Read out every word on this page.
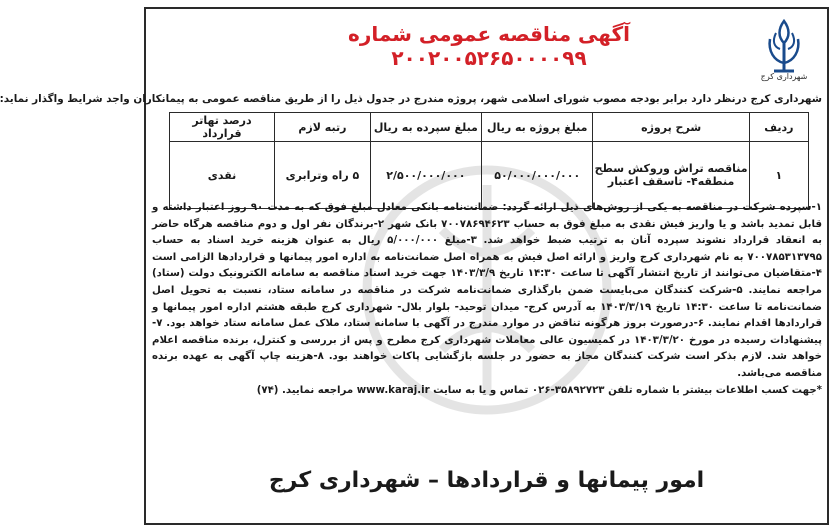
آگهی مناقصه عمومی شماره ۲۰۰۲۰۰۵۲۶۵۰۰۰۰۹۹
شهرداری کرج
شهرداری کرج درنظر دارد برابر بودجه مصوب شورای اسلامی شهر، پروژه مندرج در جدول ذیل را از طریق مناقصه عمومی به پیمانکاران واجد شرایط واگذار نماید:
ردیف	شرح پروژه	مبلغ پروژه به ریال	مبلغ سپرده به ریال	رتبه لازم	درصد تهاتر قرارداد
۱	مناقصه تراش وروکش سطح منطقه۴- تاسقف اعتبار	۵۰/۰۰۰/۰۰۰/۰۰۰	۲/۵۰۰/۰۰۰/۰۰۰	۵ راه وترابری	نقدی

۱-سپرده شرکت در مناقصه به یکی از روش‌های ذیل ارائه گردد: ضمانت‌نامه بانکی معادل مبلغ فوق که به مدت ۹۰ روز اعتبار داشته و قابل تمدید باشد و یا واریز فیش نقدی به مبلغ فوق به حساب ۷۰۰۷۸۶۹۴۶۲۳ بانک شهر ۲-برندگان نفر اول و دوم مناقصه هرگاه حاضر به انعقاد قرارداد نشوند سپرده آنان به ترتیب ضبط خواهد شد. ۳-مبلغ ۵/۰۰۰/۰۰۰ ریال به عنوان هزینه خرید اسناد به حساب ۷۰۰۷۸۵۳۱۳۷۹۵ به نام شهرداری کرج واریز و ارائه اصل فیش به همراه اصل ضمانت‌نامه به اداره امور پیمانها و قراردادها الزامی است ۴-متقاضیان می‌توانند از تاریخ انتشار آگهی تا ساعت ۱۴:۳۰ تاریخ ۱۴۰۳/۳/۹ جهت خرید اسناد مناقصه به سامانه الکترونیک دولت (ستاد) مراجعه نمایند. ۵-شرکت کنندگان می‌بایست ضمن بارگذاری ضمانت‌نامه شرکت در مناقصه در سامانه ستاد، نسبت به تحویل اصل ضمانت‌نامه تا ساعت ۱۴:۳۰ تاریخ ۱۴۰۳/۳/۱۹ به آدرس کرج- میدان توحید- بلوار بلال- شهرداری کرج طبقه هشتم اداره امور پیمانها و قراردادها اقدام نمایند. ۶-درصورت بروز هرگونه تناقض در موارد مندرج در آگهی با سامانه ستاد، ملاک عمل سامانه ستاد خواهد بود. ۷-پیشنهادات رسیده در مورخ ۱۴۰۳/۳/۲۰ در کمیسیون عالی معاملات شهرداری کرج مطرح و پس از بررسی و کنترل، برنده مناقصه اعلام خواهد شد. لازم بذکر است شرکت کنندگان مجاز به حضور در جلسه بازگشایی پاکات خواهند بود. ۸-هزینه چاپ آگهی به عهده برنده مناقصه می‌باشد.

*جهت کسب اطلاعات بیشتر با شماره تلفن ۳۵۸۹۲۷۲۳-۰۲۶ تماس و یا به سایت www.karaj.ir مراجعه نمایید. (۷۴)

امور پیمانها و قراردادها – شهرداری کرج
